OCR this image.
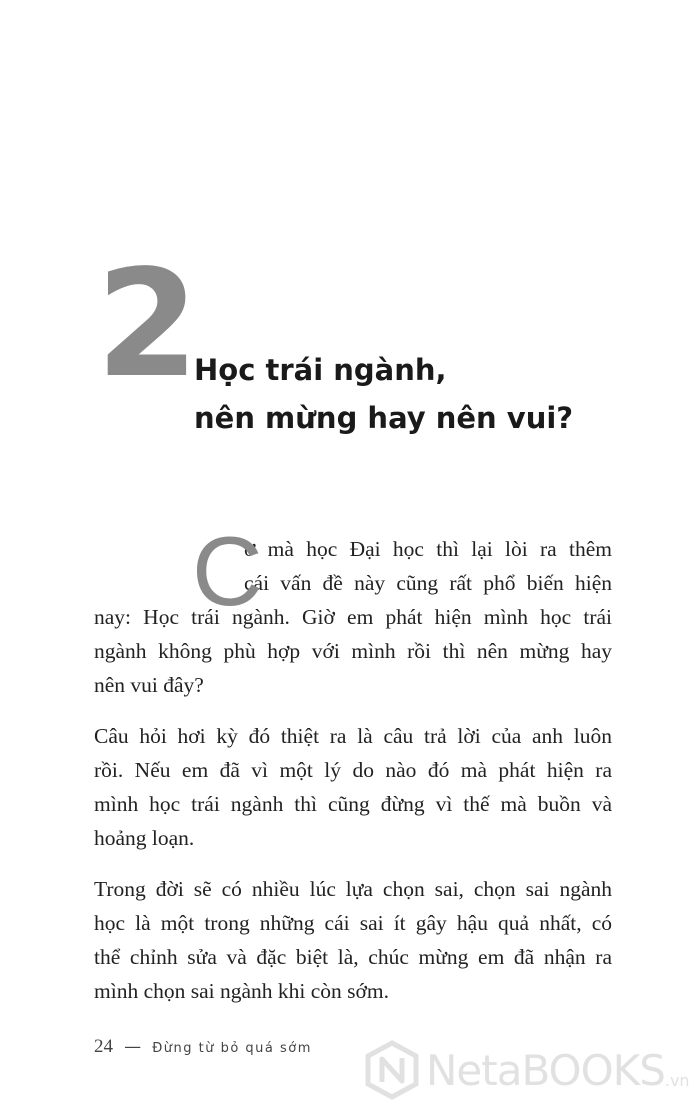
2 Học trái ngành,
nên mừng hay nên vui?
C
ơ mà học Đại học thì lại lòi ra thêm
cái vấn đề này cũng rất phổ biến hiện
nay: Học trái ngành. Giờ em phát hiện mình học trái
ngành không phù hợp với mình rồi thì nên mừng hay
nên vui đây?
Câu hỏi hơi kỳ đó thiệt ra là câu trả lời của anh luôn
rồi. Nếu em đã vì một lý do nào đó mà phát hiện ra
mình học trái ngành thì cũng đừng vì thế mà buồn và
hoảng loạn.
Trong đời sẽ có nhiều lúc lựa chọn sai, chọn sai ngành
học là một trong những cái sai ít gây hậu quả nhất, có
thể chỉnh sửa và đặc biệt là, chúc mừng em đã nhận ra
mình chọn sai ngành khi còn sớm.
24 — Đừng từ bỏ quá sớm	NetaBOOKS .vn
